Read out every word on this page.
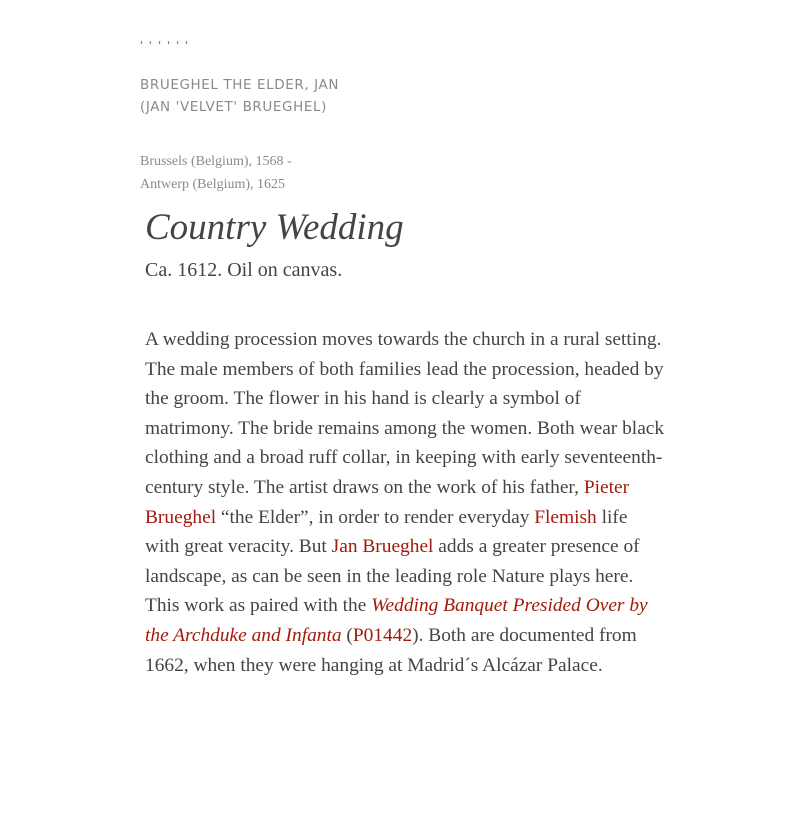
' ' ' ' ' '

BRUEGHEL THE ELDER, JAN (JAN 'VELVET' BRUEGHEL)

Brussels (Belgium), 1568 -
Antwerp (Belgium), 1625

Country Wedding

Ca. 1612. Oil on canvas.

A wedding procession moves towards the church in a rural setting. The male members of both families lead the procession, headed by the groom. The flower in his hand is clearly a symbol of matrimony. The bride remains among the women. Both wear black clothing and a broad ruff collar, in keeping with early seventeenth-century style. The artist draws on the work of his father, Pieter Brueghel “the Elder”, in order to render everyday Flemish life with great veracity. But Jan Brueghel adds a greater presence of landscape, as can be seen in the leading role Nature plays here. This work as paired with the Wedding Banquet Presided Over by the Archduke and Infanta (P01442). Both are documented from 1662, when they were hanging at Madrid´s Alcázar Palace.
